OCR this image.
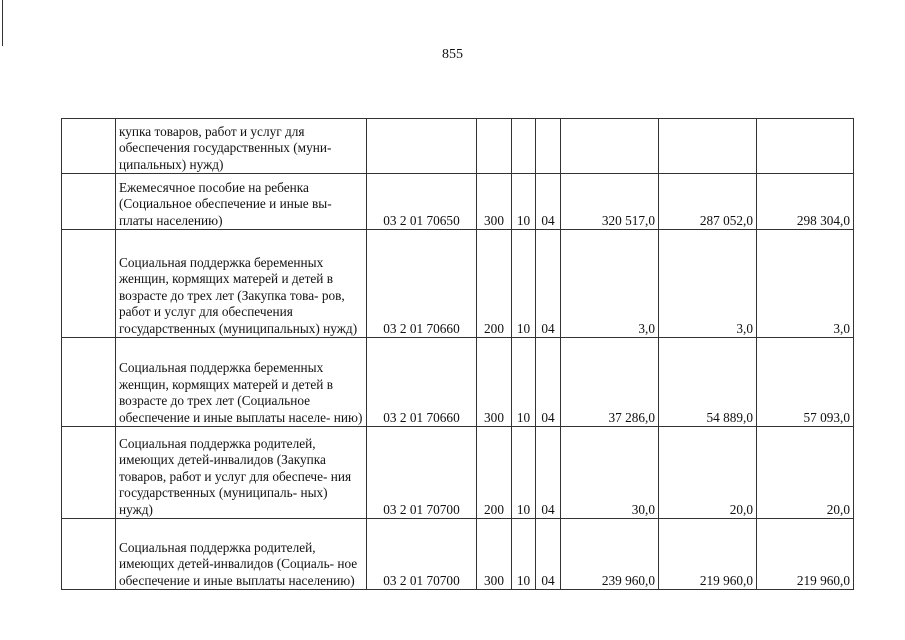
855
	купка товаров, работ и услуг для обеспечения государственных (муни- ципальных) нужд)							
	Ежемесячное пособие на ребенка (Социальное обеспечение и иные вы- платы населению)	03 2 01 70650	300	10	04	320 517,0	287 052,0	298 304,0
	Социальная поддержка беременных женщин, кормящих матерей и детей в возрасте до трех лет (Закупка това- ров, работ и услуг для обеспечения государственных (муниципальных) нужд)	03 2 01 70660	200	10	04	3,0	3,0	3,0
	Социальная поддержка беременных женщин, кормящих матерей и детей в возрасте до трех лет (Социальное обеспечение и иные выплаты населе- нию)	03 2 01 70660	300	10	04	37 286,0	54 889,0	57 093,0
	Социальная поддержка родителей, имеющих детей-инвалидов (Закупка товаров, работ и услуг для обеспече- ния государственных (муниципаль- ных) нужд)	03 2 01 70700	200	10	04	30,0	20,0	20,0
	Социальная поддержка родителей, имеющих детей-инвалидов (Социаль- ное обеспечение и иные выплаты населению)	03 2 01 70700	300	10	04	239 960,0	219 960,0	219 960,0
